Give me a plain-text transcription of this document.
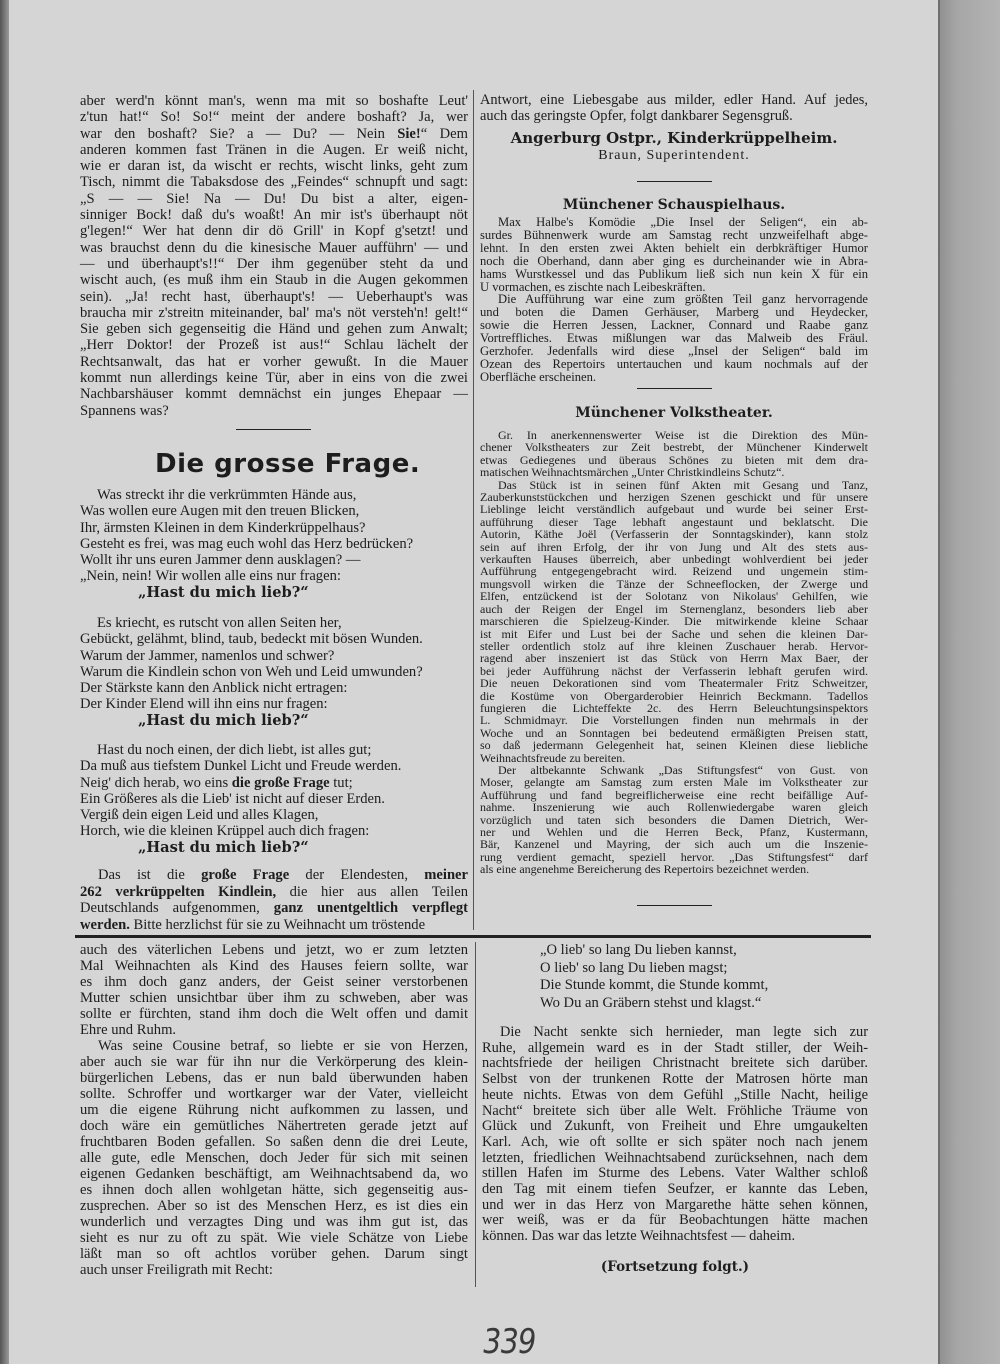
aber werd'n könnt man's, wenn ma mit so boshafte Leut'
z'tun hat!“ So! So!“ meint der andere boshaft? Ja, wer
war den boshaft? Sie? a — Du? — Nein Sie!“ Dem
anderen kommen fast Tränen in die Augen. Er weiß nicht,
wie er daran ist, da wischt er rechts, wischt links, geht zum
Tisch, nimmt die Tabaksdose des „Feindes“ schnupft und sagt:
„S — — Sie! Na — Du! Du bist a alter, eigen-
sinniger Bock! daß du's woaßt! An mir ist's überhaupt nöt
g'legen!“ Wer hat denn dir dö Grill' in Kopf g'setzt! und
was brauchst denn du die kinesische Mauer aufführn' — und
— und überhaupt's!!“ Der ihm gegenüber steht da und
wischt auch, (es muß ihm ein Staub in die Augen gekommen
sein). „Ja! recht hast, überhaupt's! — Ueberhaupt's was
braucha mir z'streitn miteinander, bal' ma's nöt versteh'n! gelt!“
Sie geben sich gegenseitig die Händ und gehen zum Anwalt;
„Herr Doktor! der Prozeß ist aus!“ Schlau lächelt der
Rechtsanwalt, das hat er vorher gewußt. In die Mauer
kommt nun allerdings keine Tür, aber in eins von die zwei
Nachbarshäuser kommt demnächst ein junges Ehepaar —
Spannens was?
Die grosse Frage.
Was streckt ihr die verkrümmten Hände aus,
Was wollen eure Augen mit den treuen Blicken,
Ihr, ärmsten Kleinen in dem Kinderkrüppelhaus?
Gesteht es frei, was mag euch wohl das Herz bedrücken?
Wollt ihr uns euren Jammer denn ausklagen? —
„Nein, nein! Wir wollen alle eins nur fragen:
„Hast du mich lieb?“
Es kriecht, es rutscht von allen Seiten her,
Gebückt, gelähmt, blind, taub, bedeckt mit bösen Wunden.
Warum der Jammer, namenlos und schwer?
Warum die Kindlein schon von Weh und Leid umwunden?
Der Stärkste kann den Anblick nicht ertragen:
Der Kinder Elend will ihn eins nur fragen:
„Hast du mich lieb?“
Hast du noch einen, der dich liebt, ist alles gut;
Da muß aus tiefstem Dunkel Licht und Freude werden.
Neig' dich herab, wo eins die große Frage tut;
Ein Größeres als die Lieb' ist nicht auf dieser Erden.
Vergiß dein eigen Leid und alles Klagen,
Horch, wie die kleinen Krüppel auch dich fragen:
„Hast du mich lieb?“
Das ist die große Frage der Elendesten, meiner
262 verkrüppelten Kindlein, die hier aus allen Teilen
Deutschlands aufgenommen, ganz unentgeltlich verpflegt
werden. Bitte herzlichst für sie zu Weihnacht um tröstende
Antwort, eine Liebesgabe aus milder, edler Hand. Auf jedes,
auch das geringste Opfer, folgt dankbarer Segensgruß.
Angerburg Ostpr., Kinderkrüppelheim.
Braun, Superintendent.
Münchener Schauspielhaus.
Max Halbe's Komödie „Die Insel der Seligen“, ein ab-
surdes Bühnenwerk wurde am Samstag recht unzweifelhaft abge-
lehnt. In den ersten zwei Akten behielt ein derbkräftiger Humor
noch die Oberhand, dann aber ging es durcheinander wie in Abra-
hams Wurstkessel und das Publikum ließ sich nun kein X für ein
U vormachen, es zischte nach Leibeskräften.
Die Aufführung war eine zum größten Teil ganz hervorragende
und boten die Damen Gerhäuser, Marberg und Heydecker,
sowie die Herren Jessen, Lackner, Connard und Raabe ganz
Vortreffliches. Etwas mißlungen war das Malweib des Fräul.
Gerzhofer. Jedenfalls wird diese „Insel der Seligen“ bald im
Ozean des Repertoirs untertauchen und kaum nochmals auf der
Oberfläche erscheinen.
Münchener Volkstheater.
Gr. In anerkennenswerter Weise ist die Direktion des Mün-
chener Volkstheaters zur Zeit bestrebt, der Münchener Kinderwelt
etwas Gediegenes und überaus Schönes zu bieten mit dem dra-
matischen Weihnachtsmärchen „Unter Christkindleins Schutz“.
Das Stück ist in seinen fünf Akten mit Gesang und Tanz,
Zauberkunststückchen und herzigen Szenen geschickt und für unsere
Lieblinge leicht verständlich aufgebaut und wurde bei seiner Erst-
aufführung dieser Tage lebhaft angestaunt und beklatscht. Die
Autorin, Käthe Joël (Verfasserin der Sonntagskinder), kann stolz
sein auf ihren Erfolg, der ihr von Jung und Alt des stets aus-
verkauften Hauses überreich, aber unbedingt wohlverdient bei jeder
Aufführung entgegengebracht wird. Reizend und ungemein stim-
mungsvoll wirken die Tänze der Schneeflocken, der Zwerge und
Elfen, entzückend ist der Solotanz von Nikolaus' Gehilfen, wie
auch der Reigen der Engel im Sternenglanz, besonders lieb aber
marschieren die Spielzeug-Kinder. Die mitwirkende kleine Schaar
ist mit Eifer und Lust bei der Sache und sehen die kleinen Dar-
steller ordentlich stolz auf ihre kleinen Zuschauer herab. Hervor-
ragend aber inszeniert ist das Stück von Herrn Max Baer, der
bei jeder Aufführung nächst der Verfasserin lebhaft gerufen wird.
Die neuen Dekorationen sind vom Theatermaler Fritz Schweitzer,
die Kostüme von Obergarderobier Heinrich Beckmann. Tadellos
fungieren die Lichteffekte 2c. des Herrn Beleuchtungsinspektors
L. Schmidmayr. Die Vorstellungen finden nun mehrmals in der
Woche und an Sonntagen bei bedeutend ermäßigten Preisen statt,
so daß jedermann Gelegenheit hat, seinen Kleinen diese liebliche
Weihnachtsfreude zu bereiten.
Der altbekannte Schwank „Das Stiftungsfest“ von Gust. von
Moser, gelangte am Samstag zum ersten Male im Volkstheater zur
Aufführung und fand begreiflicherweise eine recht beifällige Auf-
nahme. Inszenierung wie auch Rollenwiedergabe waren gleich
vorzüglich und taten sich besonders die Damen Dietrich, Wer-
ner und Wehlen und die Herren Beck, Pfanz, Kustermann,
Bär, Kanzenel und Mayring, der sich auch um die Inszenie-
rung verdient gemacht, speziell hervor. „Das Stiftungsfest“ darf
als eine angenehme Bereicherung des Repertoirs bezeichnet werden.
auch des väterlichen Lebens und jetzt, wo er zum letzten
Mal Weihnachten als Kind des Hauses feiern sollte, war
es ihm doch ganz anders, der Geist seiner verstorbenen
Mutter schien unsichtbar über ihm zu schweben, aber was
sollte er fürchten, stand ihm doch die Welt offen und damit
Ehre und Ruhm.
Was seine Cousine betraf, so liebte er sie von Herzen,
aber auch sie war für ihn nur die Verkörperung des klein-
bürgerlichen Lebens, das er nun bald überwunden haben
sollte. Schroffer und wortkarger war der Vater, vielleicht
um die eigene Rührung nicht aufkommen zu lassen, und
doch wäre ein gemütliches Nähertreten gerade jetzt auf
fruchtbaren Boden gefallen. So saßen denn die drei Leute,
alle gute, edle Menschen, doch Jeder für sich mit seinen
eigenen Gedanken beschäftigt, am Weihnachtsabend da, wo
es ihnen doch allen wohlgetan hätte, sich gegenseitig aus-
zusprechen. Aber so ist des Menschen Herz, es ist dies ein
wunderlich und verzagtes Ding und was ihm gut ist, das
sieht es nur zu oft zu spät. Wie viele Schätze von Liebe
läßt man so oft achtlos vorüber gehen. Darum singt
auch unser Freiligrath mit Recht:
„O lieb' so lang Du lieben kannst,
O lieb' so lang Du lieben magst;
Die Stunde kommt, die Stunde kommt,
Wo Du an Gräbern stehst und klagst.“
Die Nacht senkte sich hernieder, man legte sich zur
Ruhe, allgemein ward es in der Stadt stiller, der Weih-
nachtsfriede der heiligen Christnacht breitete sich darüber.
Selbst von der trunkenen Rotte der Matrosen hörte man
heute nichts. Etwas von dem Gefühl „Stille Nacht, heilige
Nacht“ breitete sich über alle Welt. Fröhliche Träume von
Glück und Zukunft, von Freiheit und Ehre umgaukelten
Karl. Ach, wie oft sollte er sich später noch nach jenem
letzten, friedlichen Weihnachtsabend zurücksehnen, nach dem
stillen Hafen im Sturme des Lebens. Vater Walther schloß
den Tag mit einem tiefen Seufzer, er kannte das Leben,
und wer in das Herz von Margarethe hätte sehen können,
wer weiß, was er da für Beobachtungen hätte machen
können. Das war das letzte Weihnachtsfest — daheim.
(Fortsetzung folgt.)
339
